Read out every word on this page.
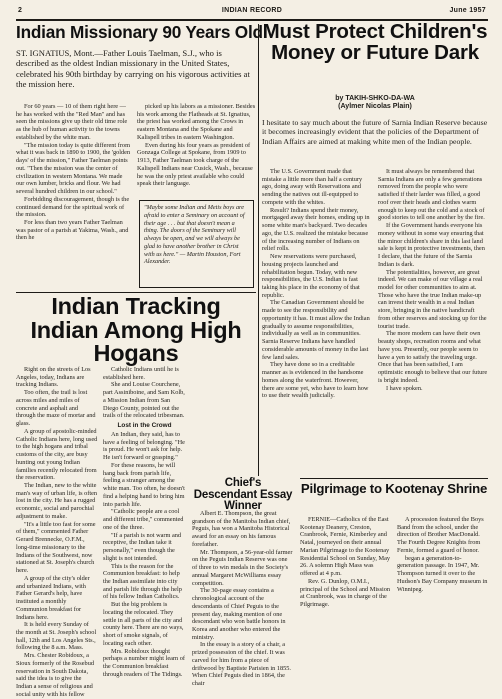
2	INDIAN RECORD	June 1957
Indian Missionary 90 Years Old
ST. IGNATIUS, Mont.—Father Louis Taelman, S.J., who is described as the oldest Indian missionary in the United States, celebrated his 90th birthday by carrying on his vigorous activities at the mission here.

For 60 years — 10 of them right here — he has worked with the "Red Man" and has seen the missions give up their old time role as the hub of human activity to the towns established by the white man.

"The mission today is quite different from what it was back in 1890 to 1900, the 'golden days' of the mission," Father Taelman points out. "Then the mission was the center of civilization in western Montana. We made our own lumber, bricks and flour. We had several hundred children in our school."

Forbidding discouragement, though is the continued demand for the spiritual work of the mission.

For less than two years Father Taelman was pastor of a parish at Yakima, Wash., and then he

picked up his labors as a missioner. Besides his work among the Flatheads at St. Ignatius, the priest has worked among the Crows in eastern Montana and the Spokane and Kalispell tribes in eastern Washington.

Even during his four years as president of Gonzaga College at Spokane, from 1909 to 1913, Father Taelman took charge of the Kalispell Indians near Cusick, Wash., because he was the only priest available who could speak their language.

"Maybe some Indian and Metis boys are afraid to enter a Seminary on account of their age . . . but that doesn't mean a thing. The doors of the Seminary will always be open, and we will always be glad to have another brother in Christ with us here." — Martin Houston, Fort Alexander.
Must Protect Children's Money or Future Dark
by TAKIH-SHKO-DA-WA
(Aylmer Nicolas Plain)
I hesitate to say much about the future of Sarnia Indian Reserve because it becomes increasingly evident that the policies of the Department of Indian Affairs are aimed at making white men of the Indian people.

The U.S. Government made that mistake a little more than half a century ago, doing away with Reservations and sending the natives out ill-equipped to compete with the whites.

Result? Indians spend their money, mortgaged away their homes, ending up in some white man's backyard. Two decades ago, the U.S. realized the mistake because of the increasing number of Indians on relief rolls.

New reservations were purchased, housing projects launched and rehabilitation begun. Today, with new responsibilities, the U.S. Indian is fast taking his place in the economy of that republic.

The Canadian Government should be made to see the responsibility and opportunity it has. It must allow the Indian gradually to assume responsibilities, individually as well as in communities. Sarnia Reserve Indians have handled considerable amounts of money in the last few land sales.

They have done so in a creditable manner as is evidenced in the handsome homes along the waterfront. However, there are some yet, who have to learn how to use their wealth judicially.

It must always be remembered that Sarnia Indians are only a few generations removed from the people who were satisfied if their larder was filled, a good roof over their heads and clothes warm enough to keep out the cold and a stock of good stories to tell one another by the fire.

If the Government hands everyone his money without in some way ensuring that the minor children's share in this last land sale is kept in protective investments, then I declare, that the future of the Sarnia Indian is dark.

The potentialities, however, are great indeed. We can make of our village a real model for other communities to aim at. Those who have the true Indian make-up can invest their wealth in a real Indian store, bringing in the native handicraft from other reserves and stocking up for the tourist trade.

The more modern can have their own beauty shops, recreation rooms and what have you. Presently, our people seem to have a yen to satisfy the traveling urge. Once that has been satisfied, I am optimistic enough to believe that our future is bright indeed.

I have spoken.

Indian Tracking Indian Among High Hogans

Right on the streets of Los Angeles, today, Indians are tracking Indians.

Too often, the trail is lost across miles and miles of concrete and asphalt and through the maze of mortar and glass.

A group of apostolic-minded Catholic Indians here, long used to the high hogans and tribal customs of the city, are busy hunting out young Indian families recently relocated from the reservation.

The Indian, new to the white man's way of urban life, is often lost in the city. He has a rugged economic, social and parochial adjustment to make.

"It's a little too fast for some of them," commented Father Gerard Brennecke, O.F.M., long-time missionary to the Indians of the Southwest, now stationed at St. Joseph's church here.

A group of the city's older and urbanized Indians, with Father Gerard's help, have instituted a monthly Communion breakfast for Indians here.

It is held every Sunday of the month at St. Joseph's school hall, 12th and Los Angeles Sts., following the 8 a.m. Mass.

Mrs. Chester Robidoux, a Sioux formerly of the Rosebud reservation in South Dakota, said the idea is to give the Indian a sense of religious and social unity with his fellow

Catholic Indians until he is established here.

She and Louise Courchene, part Assiniboine, and Sam Kolb, a Mission Indian from San Diego County, pointed out the trails of the relocated tribesman.

Lost in the Crowd

An Indian, they said, has to have a feeling of belonging. "He is proud. He won't ask for help. He isn't forward or grasping."

For these reasons, he will hang back from parish life, feeling a stranger among the white man. Too often, he doesn't find a helping hand to bring him into parish life.

"Catholic people are a cool and different tribe," commented one of the three.

"If a parish is not warm and receptive, the Indian take it personally," even though the slight is not intended.

This is the reason for the Communion breakfast: to help the Indian assimilate into city and parish life through the help of his fellow Indian Catholics.

But the big problem is locating the relocated. They settle in all parts of the city and county here. There are no ways, short of smoke signals, of locating each other.

Mrs. Robidoux thought perhaps a number might learn of the Communion breakfast through readers of The Tidings.

Chief's Descendant Essay Winner

Albert E. Thompson, the great grandson of the Manitoba Indian chief, Peguis, has won a Manitoba Historical award for an essay on his famous forefather.

Mr. Thompson, a 56-year-old farmer on the Peguis Indian Reserve was one of three to win medals in the Society's annual Margaret McWilliams essay competition.

The 30-page essay contains a chronological account of the descendants of Chief Peguis to the present day, making mention of one descendant who won battle honors in Korea and another who entered the ministry.

In the essay is a story of a chair, a prized possession of the chief. It was carved for him from a piece of driftwood by Baptiste Parisien in 1855. When Chief Peguis died in 1864, the chair

Pilgrimage to Kootenay Shrine

FERNIE—Catholics of the East Kootenay Deanery, Creston, Cranbrook, Fernie, Kimberley and Natal, journeyed on their annual Marian Pilgrimage to the Kootenay Residential School on Sunday, May 26. A solemn High Mass was offered at 4 p.m.

Rev. G. Dunlop, O.M.I., principal of the School and Mission at Cranbrook, was in charge of the Pilgrimage.

A procession featured the Boys Band from the school, under the direction of Brother MacDonald. The Fourth Degree Knights from Fernie, formed a guard of honor.

began a generation-to-generation passage. In 1947, Mr. Thompson turned it over to the Hudson's Bay Company museum in Winnipeg.
